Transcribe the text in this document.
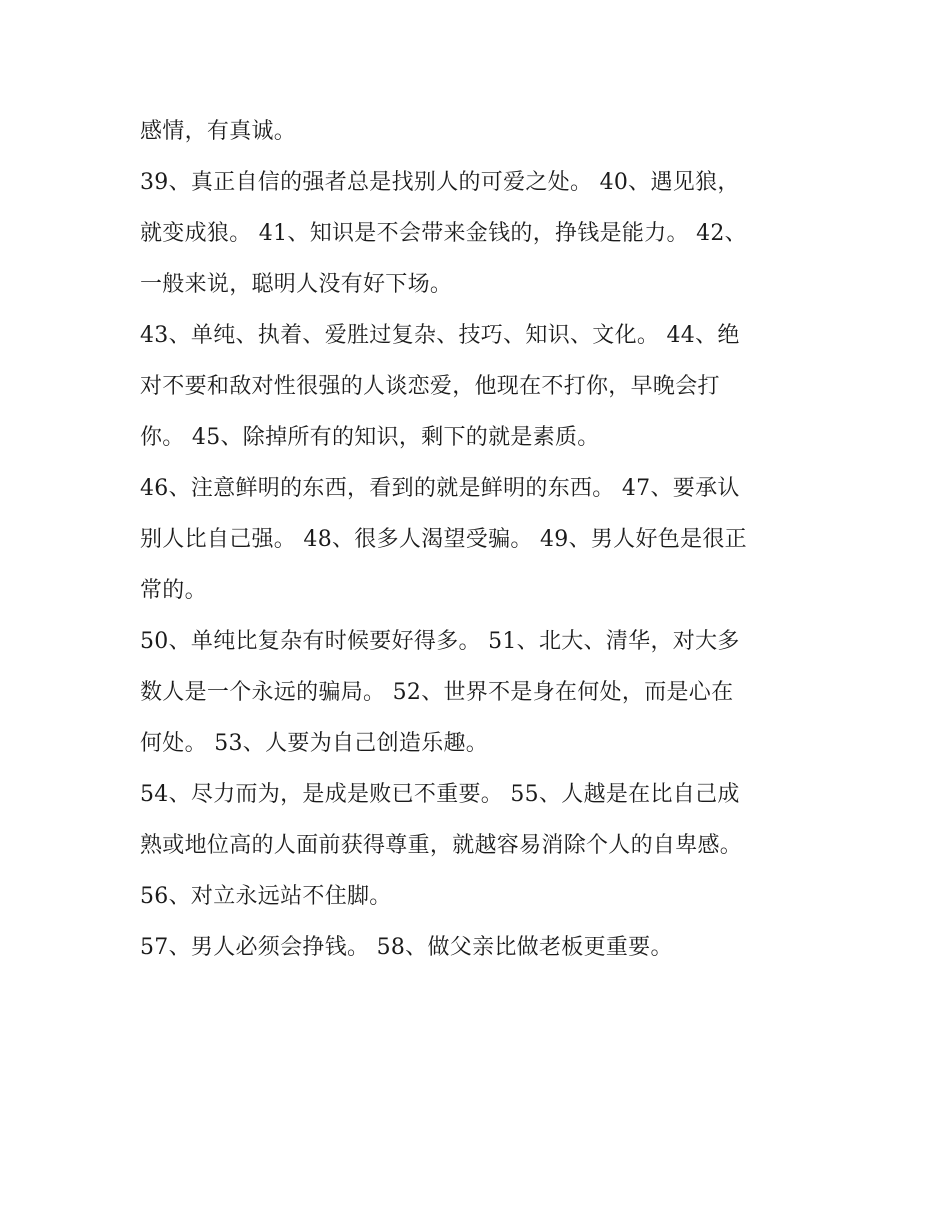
感情，有真诚。
39、真正自信的强者总是找别人的可爱之处。 40、遇见狼，
就变成狼。 41、知识是不会带来金钱的，挣钱是能力。 42、
一般来说，聪明人没有好下场。
43、单纯、执着、爱胜过复杂、技巧、知识、文化。 44、绝
对不要和敌对性很强的人谈恋爱，他现在不打你，早晚会打
你。 45、除掉所有的知识，剩下的就是素质。
46、注意鲜明的东西，看到的就是鲜明的东西。 47、要承认
别人比自己强。 48、很多人渴望受骗。 49、男人好色是很正
常的。
50、单纯比复杂有时候要好得多。 51、北大、清华，对大多
数人是一个永远的骗局。 52、世界不是身在何处，而是心在
何处。 53、人要为自己创造乐趣。
54、尽力而为，是成是败已不重要。 55、人越是在比自己成
熟或地位高的人面前获得尊重，就越容易消除个人的自卑感。
56、对立永远站不住脚。
57、男人必须会挣钱。 58、做父亲比做老板更重要。
